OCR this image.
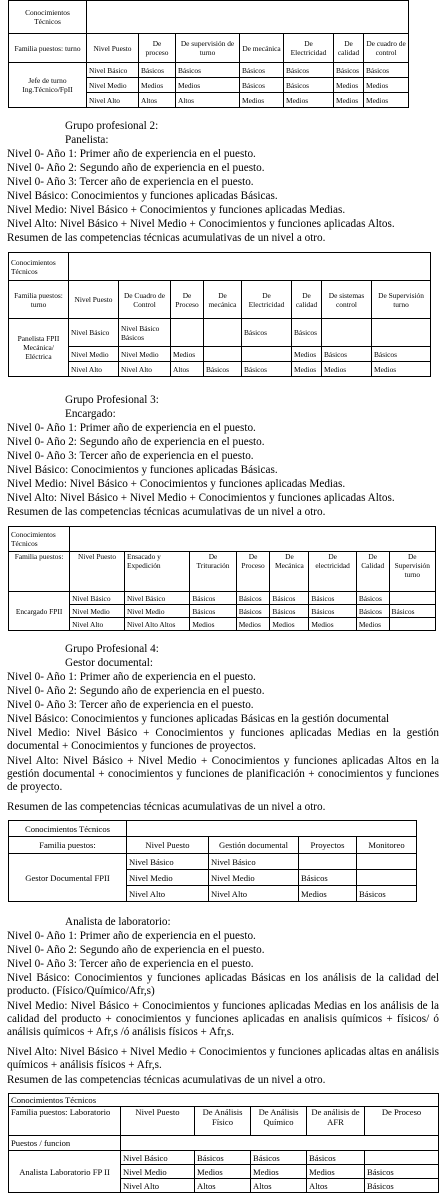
Conocimientos Técnicos							
Familia puestos: turno	Nivel Puesto	De proceso	De supervisión de turno	De mecánica	De Electricidad	De calidad	De cuadro de control
Jefe de turno Ing.Técnico/FpII	Nivel Básico	Básicos	Básicos	Básicos	Básicos	Básicos	Básicos
	Nivel Medio	Medios	Medios	Básicos	Básicos	Medios	Medios
	Nivel Alto	Altos	Altos	Medios	Medios	Medios	Medios
Grupo profesional 2:
Panelista:
Nivel 0- Año 1: Primer año de experiencia en el puesto.
Nivel 0- Año 2: Segundo año de experiencia en el puesto.
Nivel 0- Año 3: Tercer año de experiencia en el puesto.
Nivel Básico: Conocimientos y funciones aplicadas Básicas.
Nivel Medio: Nivel Básico + Conocimientos y funciones aplicadas Medias.
Nivel Alto: Nivel Básico + Nivel Medio + Conocimientos y funciones aplicadas Altos.
Resumen de las competencias técnicas acumulativas de un nivel a otro.
Conocimientos Técnicos								
Familia puestos: turno	Nivel Puesto	De Cuadro de Control	De Proceso	De mecánica	De Electricidad	De calidad	De sistemas control	De Supervisión turno
Panelista FPII Mecánica/ Eléctrica	Nivel Básico	Nivel Básico Básicos			Básicos	Básicos		
	Nivel Medio	Nivel Medio	Medios			Medios	Básicos	Básicos
	Nivel Alto	Nivel Alto	Altos	Básicos	Básicos	Medios	Medios	Medios
Grupo Profesional 3:
Encargado:
Nivel 0- Año 1: Primer año de experiencia en el puesto.
Nivel 0- Año 2: Segundo año de experiencia en el puesto.
Nivel 0- Año 3: Tercer año de experiencia en el puesto.
Nivel Básico: Conocimientos y funciones aplicadas Básicas.
Nivel Medio: Nivel Básico + Conocimientos y funciones aplicadas Medias.
Nivel Alto: Nivel Básico + Nivel Medio + Conocimientos y funciones aplicadas Altos.
Resumen de las competencias técnicas acumulativas de un nivel a otro.
Conocimientos Técnicos								
Familia puestos:	Nivel Puesto	Ensacado y Expedición	De Trituración	De Proceso	De Mecánica	De electricidad	De Calidad	De Supervisión turno
Encargado FPII	Nivel Básico	Nivel Básico	Básicos	Básicos	Básicos	Básicos	Básicos	
	Nivel Medio	Nivel Medio	Básicos	Básicos	Básicos	Básicos	Básicos	Básicos
	Nivel Alto	Nivel Alto Altos	Medios	Medios	Medios	Medios	Medios	
Grupo Profesional 4:
Gestor documental:
Nivel 0- Año 1: Primer año de experiencia en el puesto.
Nivel 0- Año 2: Segundo año de experiencia en el puesto.
Nivel 0- Año 3: Tercer año de experiencia en el puesto.
Nivel Básico: Conocimientos y funciones aplicadas Básicas en la gestión documental
Nivel Medio: Nivel Básico + Conocimientos y funciones aplicadas Medias en la gestión documental + Conocimientos y funciones de proyectos.
Nivel Alto: Nivel Básico + Nivel Medio + Conocimientos y funciones aplicadas Altos en la gestión documental + conocimientos y funciones de planificación + conocimientos y funciones de proyecto.
Resumen de las competencias técnicas acumulativas de un nivel a otro.
Conocimientos Técnicos				
Familia puestos:	Nivel Puesto	Gestión documental	Proyectos	Monitoreo
Gestor Documental FPII	Nivel Básico	Nivel Básico		
	Nivel Medio	Nivel Medio	Básicos	
	Nivel Alto	Nivel Alto	Medios	Básicos
Analista de laboratorio:
Nivel 0- Año 1: Primer año de experiencia en el puesto.
Nivel 0- Año 2: Segundo año de experiencia en el puesto.
Nivel 0- Año 3: Tercer año de experiencia en el puesto.
Nivel Básico: Conocimientos y funciones aplicadas Básicas en los análisis de la calidad del producto. (Físico/Químico/Afr,s)
Nivel Medio: Nivel Básico + Conocimientos y funciones aplicadas Medias en los análisis de la calidad del producto + conocimientos y funciones aplicadas en analisis químicos + físicos/ ó análisis químicos + Afr,s /ó análisis físicos + Afr,s.
Nivel Alto: Nivel Básico + Nivel Medio + Conocimientos y funciones aplicadas altas en análisis químicos + análisis físicos + Afr,s.
Resumen de las competencias técnicas acumulativas de un nivel a otro.
Conocimientos Técnicos					
Familia puestos: Laboratorio	Nivel Puesto	De Análisis Físico	De Análisis Químico	De análisis de AFR	De Proceso
Puestos / funcion					
Analista Laboratorio FP II	Nivel Básico	Básicos	Básicos	Básicos	
	Nivel Medio	Medios	Medios	Medios	Básicos
	Nivel Alto	Altos	Altos	Altos	Básicos
